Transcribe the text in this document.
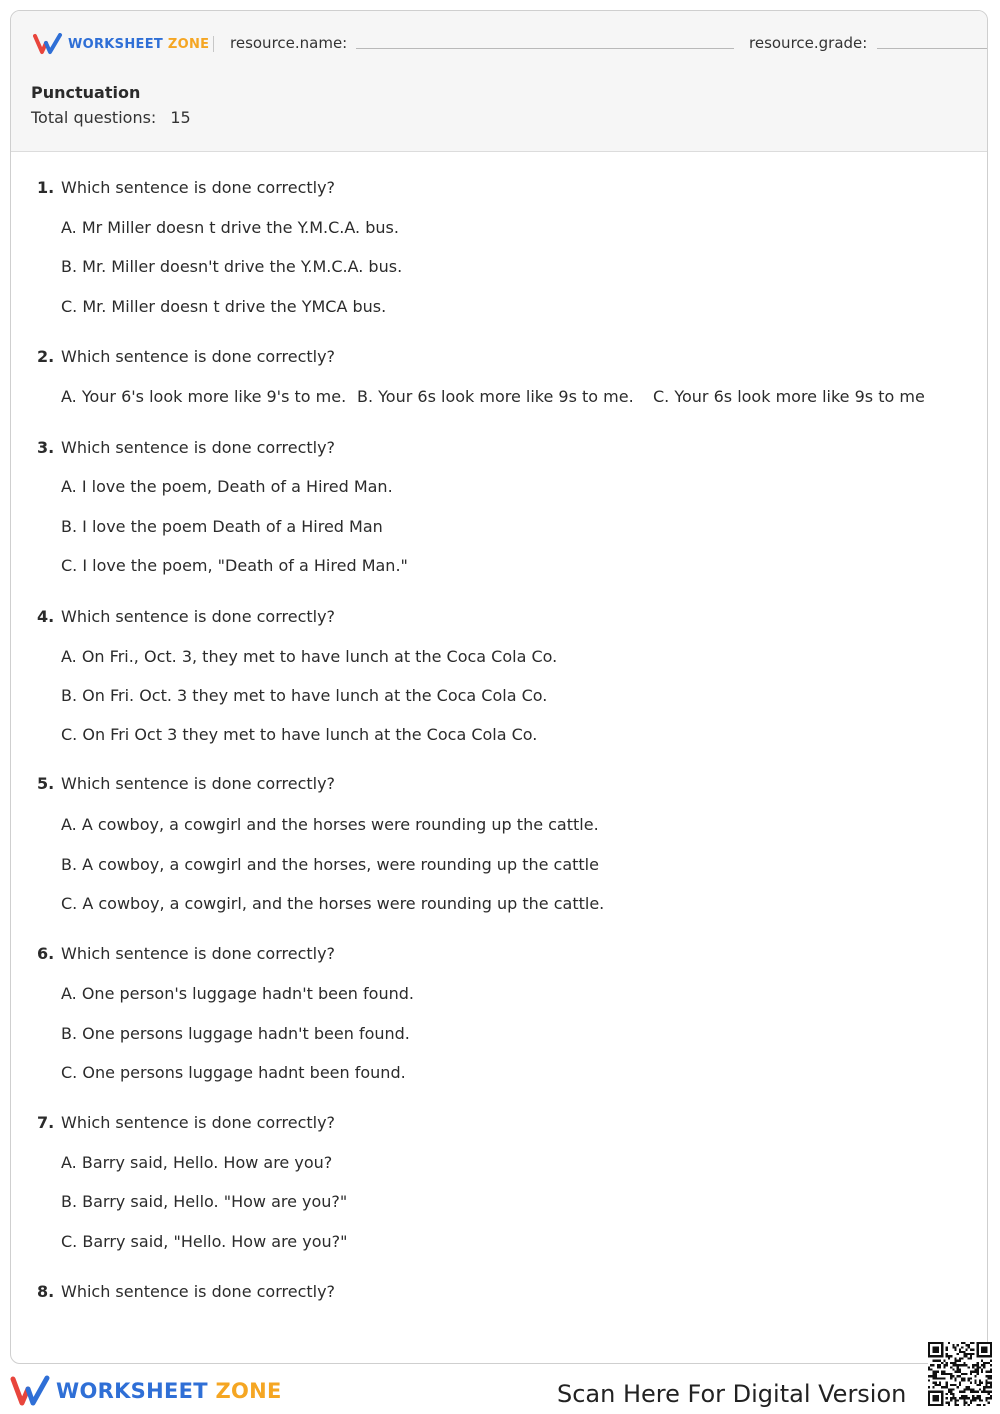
WORKSHEET ZONE resource.name:	resource.grade:
Punctuation
Total questions: 15
1. Which sentence is done correctly?
A. Mr Miller doesn t drive the Y.M.C.A. bus.
B. Mr. Miller doesn't drive the Y.M.C.A. bus.
C. Mr. Miller doesn t drive the YMCA bus.
2. Which sentence is done correctly?
A. Your 6's look more like 9's to me. B. Your 6s look more like 9s to me. C. Your 6s look more like 9s to me
3. Which sentence is done correctly?
A. I love the poem, Death of a Hired Man.
B. I love the poem Death of a Hired Man
C. I love the poem, "Death of a Hired Man."
4. Which sentence is done correctly?
A. On Fri., Oct. 3, they met to have lunch at the Coca Cola Co.
B. On Fri. Oct. 3 they met to have lunch at the Coca Cola Co.
C. On Fri Oct 3 they met to have lunch at the Coca Cola Co.
5. Which sentence is done correctly?
A. A cowboy, a cowgirl and the horses were rounding up the cattle.
B. A cowboy, a cowgirl and the horses, were rounding up the cattle
C. A cowboy, a cowgirl, and the horses were rounding up the cattle.
6. Which sentence is done correctly?
A. One person's luggage hadn't been found.
B. One persons luggage hadn't been found.
C. One persons luggage hadnt been found.
7. Which sentence is done correctly?
A. Barry said, Hello. How are you?
B. Barry said, Hello. "How are you?"
C. Barry said, "Hello. How are you?"
8. Which sentence is done correctly?
WORKSHEET ZONE	Scan Here For Digital Version
